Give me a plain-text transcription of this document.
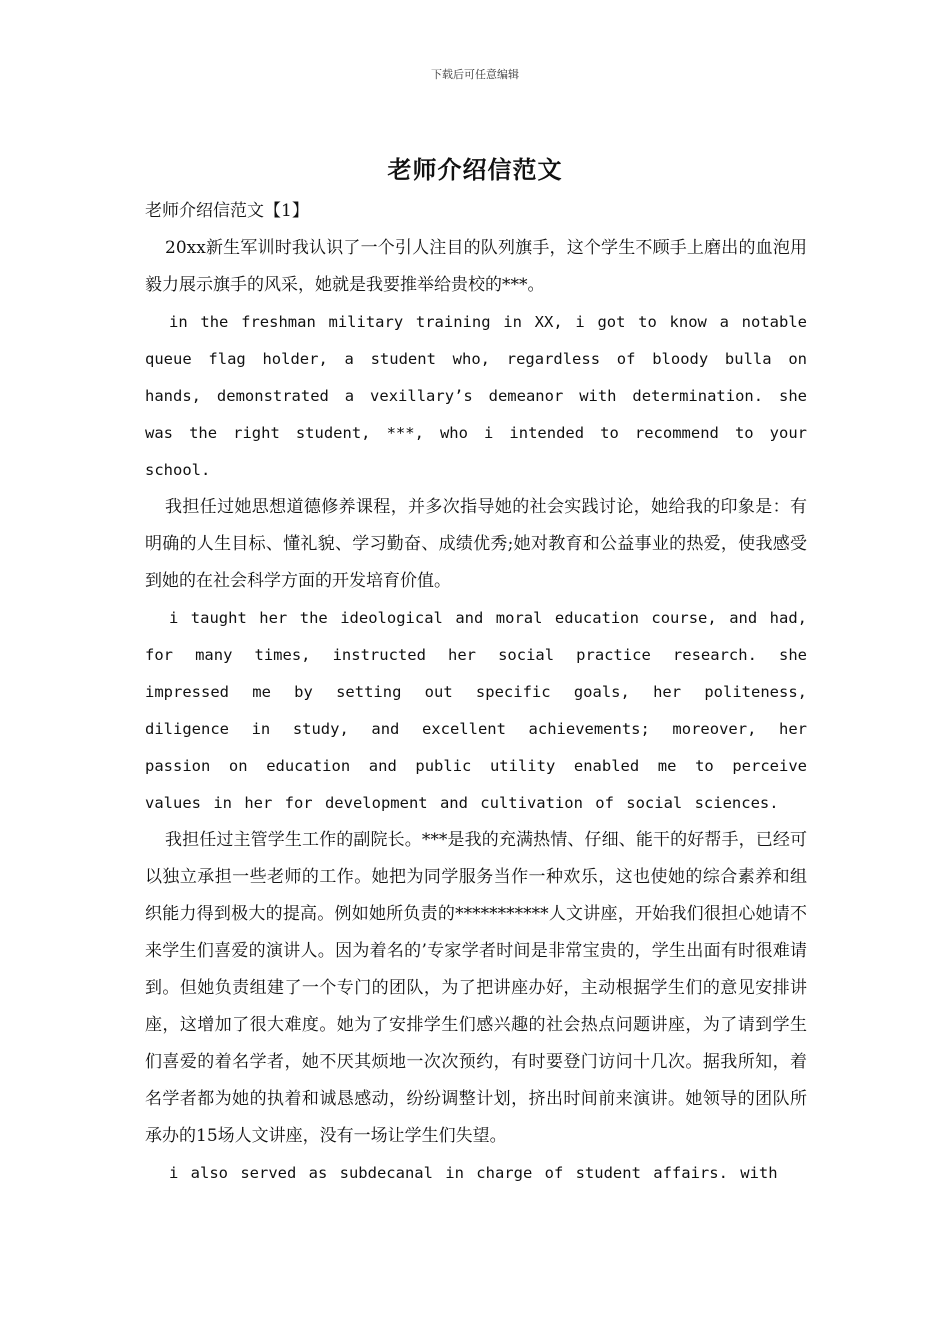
下载后可任意编辑
老师介绍信范文

老师介绍信范文【1】

20xx新生军训时我认识了一个引人注目的队列旗手，这个学生不顾手上磨出的血泡用毅力展示旗手的风采，她就是我要推举给贵校的***。

in the freshman military training in XX, i got to know a notable queue flag holder, a student who, regardless of bloody bulla on hands, demonstrated a vexillary’s demeanor with determination. she was the right student, ***, who i intended to recommend to your school.

我担任过她思想道德修养课程，并多次指导她的社会实践讨论，她给我的印象是：有明确的人生目标、懂礼貌、学习勤奋、成绩优秀;她对教育和公益事业的热爱，使我感受到她的在社会科学方面的开发培育价值。

i taught her the ideological and moral education course, and had, for many times, instructed her social practice research. she impressed me by setting out specific goals, her politeness, diligence in study, and excellent achievements; moreover, her passion on education and public utility enabled me to perceive values in her for development and cultivation of social sciences.

我担任过主管学生工作的副院长。***是我的充满热情、仔细、能干的好帮手，已经可以独立承担一些老师的工作。她把为同学服务当作一种欢乐，这也使她的综合素养和组织能力得到极大的提高。例如她所负责的***********人文讲座，开始我们很担心她请不来学生们喜爱的演讲人。因为着名的’专家学者时间是非常宝贵的，学生出面有时很难请到。但她负责组建了一个专门的团队，为了把讲座办好，主动根据学生们的意见安排讲座，这增加了很大难度。她为了安排学生们感兴趣的社会热点问题讲座，为了请到学生们喜爱的着名学者，她不厌其烦地一次次预约，有时要登门访问十几次。据我所知，着名学者都为她的执着和诚恳感动，纷纷调整计划，挤出时间前来演讲。她领导的团队所承办的15场人文讲座，没有一场让学生们失望。

i also served as subdecanal in charge of student affairs. with
